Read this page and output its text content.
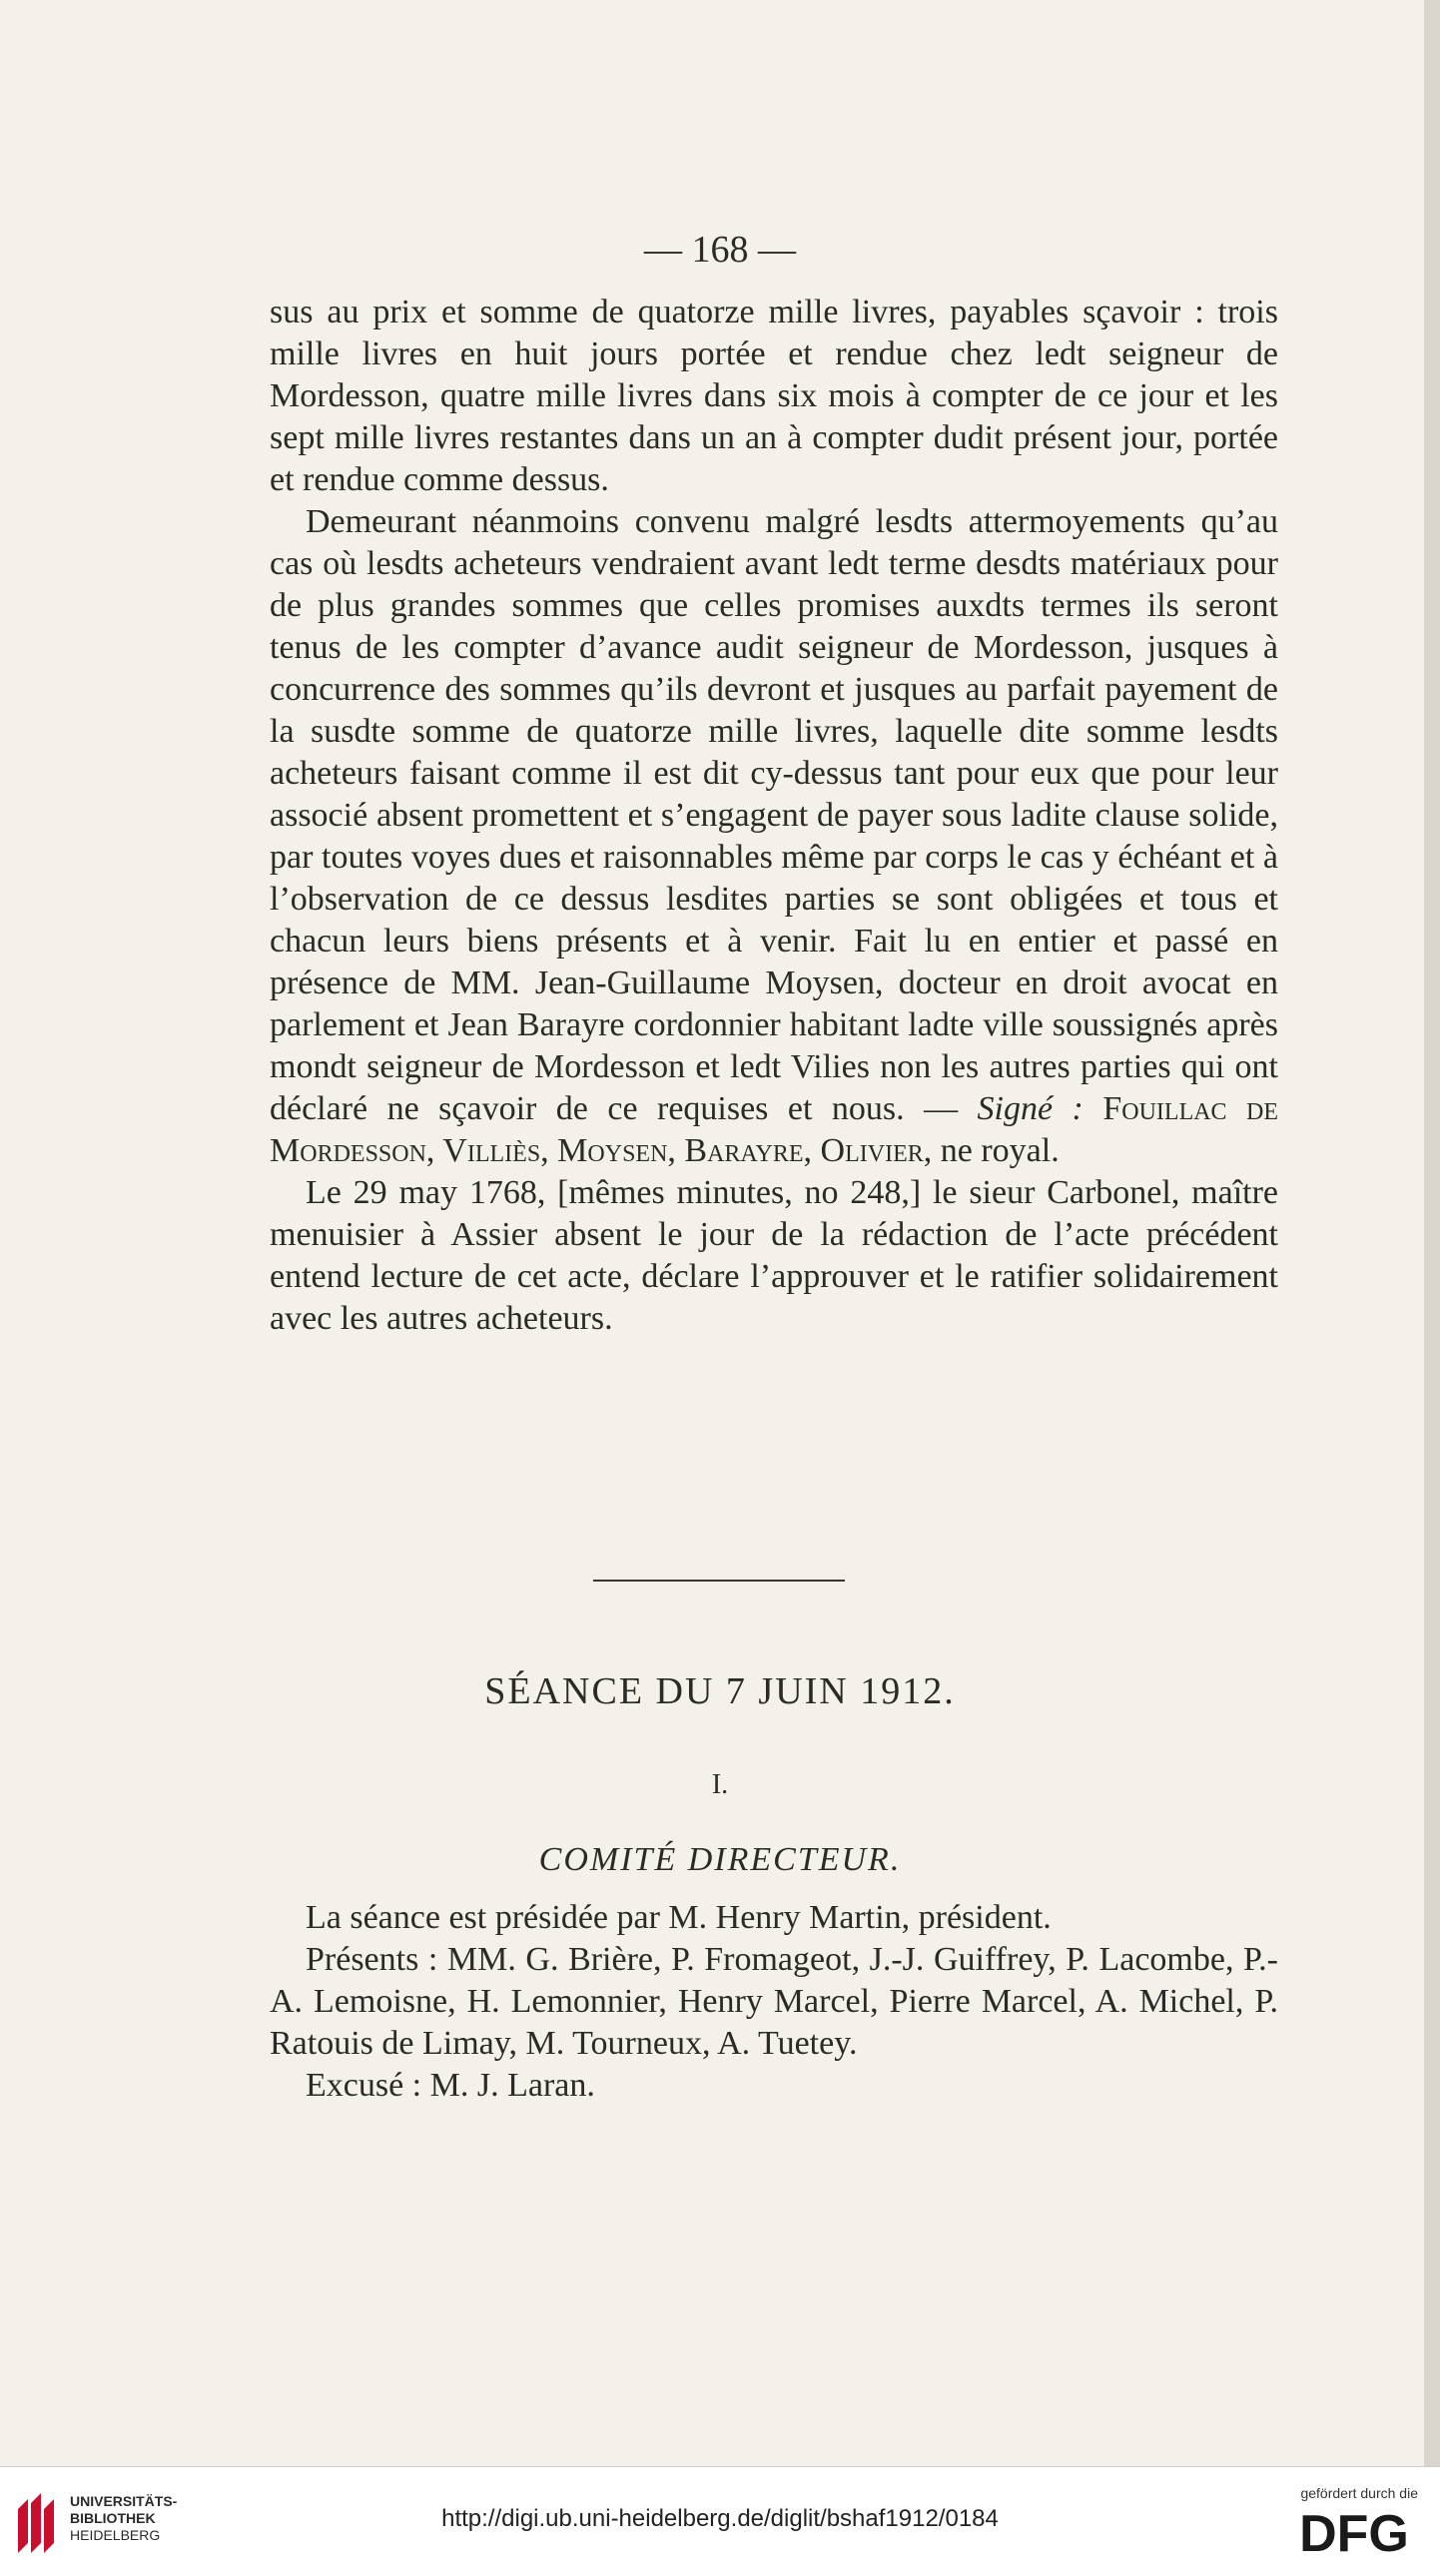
— 168 —

sus au prix et somme de quatorze mille livres, payables sçavoir : trois mille livres en huit jours portée et rendue chez ledt seigneur de Mordesson, quatre mille livres dans six mois à compter de ce jour et les sept mille livres restantes dans un an à compter dudit présent jour, portée et rendue comme dessus.

Demeurant néanmoins convenu malgré lesdts attermoyements qu’au cas où lesdts acheteurs vendraient avant ledt terme desdts matériaux pour de plus grandes sommes que celles promises auxdts termes ils seront tenus de les compter d’avance audit seigneur de Mordesson, jusques à concurrence des sommes qu’ils devront et jusques au parfait payement de la susdte somme de quatorze mille livres, laquelle dite somme lesdts acheteurs faisant comme il est dit cy-dessus tant pour eux que pour leur associé absent promettent et s’engagent de payer sous ladite clause solide, par toutes voyes dues et raisonnables même par corps le cas y échéant et à l’observation de ce dessus lesdites parties se sont obligées et tous et chacun leurs biens présents et à venir. Fait lu en entier et passé en présence de MM. Jean-Guillaume Moysen, docteur en droit avocat en parlement et Jean Barayre cordonnier habitant ladte ville soussignés après mondt seigneur de Mordesson et ledt Vilies non les autres parties qui ont déclaré ne sçavoir de ce requises et nous. — Signé : Fouillac de Mordesson, Villiès, Moysen, Barayre, Olivier, ne royal.

Le 29 may 1768, [mêmes minutes, no 248,] le sieur Carbonel, maître menuisier à Assier absent le jour de la rédaction de l’acte précédent entend lecture de cet acte, déclare l’approuver et le ratifier solidairement avec les autres acheteurs.

SÉANCE DU 7 JUIN 1912.
I.
COMITÉ DIRECTEUR.

La séance est présidée par M. Henry Martin, président.

Présents : MM. G. Brière, P. Fromageot, J.-J. Guiffrey, P. Lacombe, P.-A. Lemoisne, H. Lemonnier, Henry Marcel, Pierre Marcel, A. Michel, P. Ratouis de Limay, M. Tourneux, A. Tuetey.

Excusé : M. J. Laran.

UNIVERSITÄTS-
BIBLIOTHEK
HEIDELBERG
http://digi.ub.uni-heidelberg.de/diglit/bshaf1912/0184
gefördert durch die
DFG
